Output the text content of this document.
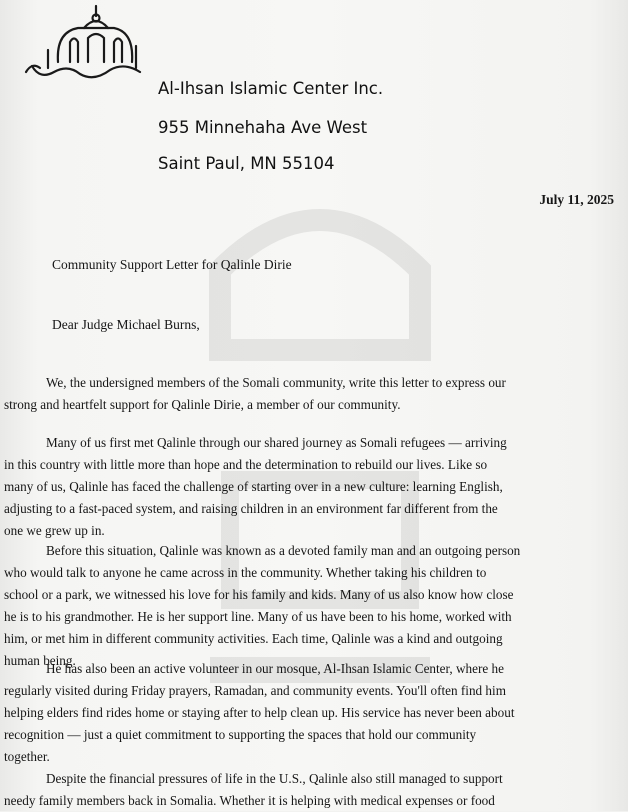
Al-Ihsan Islamic Center Inc.
955 Minnehaha Ave West
Saint Paul, MN 55104
July 11, 2025
Community Support Letter for Qalinle Dirie
Dear Judge Michael Burns,
We, the undersigned members of the Somali community, write this letter to express our
strong and heartfelt support for Qalinle Dirie, a member of our community.
Many of us first met Qalinle through our shared journey as Somali refugees — arriving
in this country with little more than hope and the determination to rebuild our lives. Like so
many of us, Qalinle has faced the challenge of starting over in a new culture: learning English,
adjusting to a fast-paced system, and raising children in an environment far different from the
one we grew up in.
Before this situation, Qalinle was known as a devoted family man and an outgoing person
who would talk to anyone he came across in the community. Whether taking his children to
school or a park, we witnessed his love for his family and kids. Many of us also know how close
he is to his grandmother. He is her support line. Many of us have been to his home, worked with
him, or met him in different community activities. Each time, Qalinle was a kind and outgoing
human being.
He has also been an active volunteer in our mosque, Al-Ihsan Islamic Center, where he
regularly visited during Friday prayers, Ramadan, and community events. You'll often find him
helping elders find rides home or staying after to help clean up. His service has never been about
recognition — just a quiet commitment to supporting the spaces that hold our community
together.
Despite the financial pressures of life in the U.S., Qalinle also still managed to support
needy family members back in Somalia. Whether it is helping with medical expenses or food
